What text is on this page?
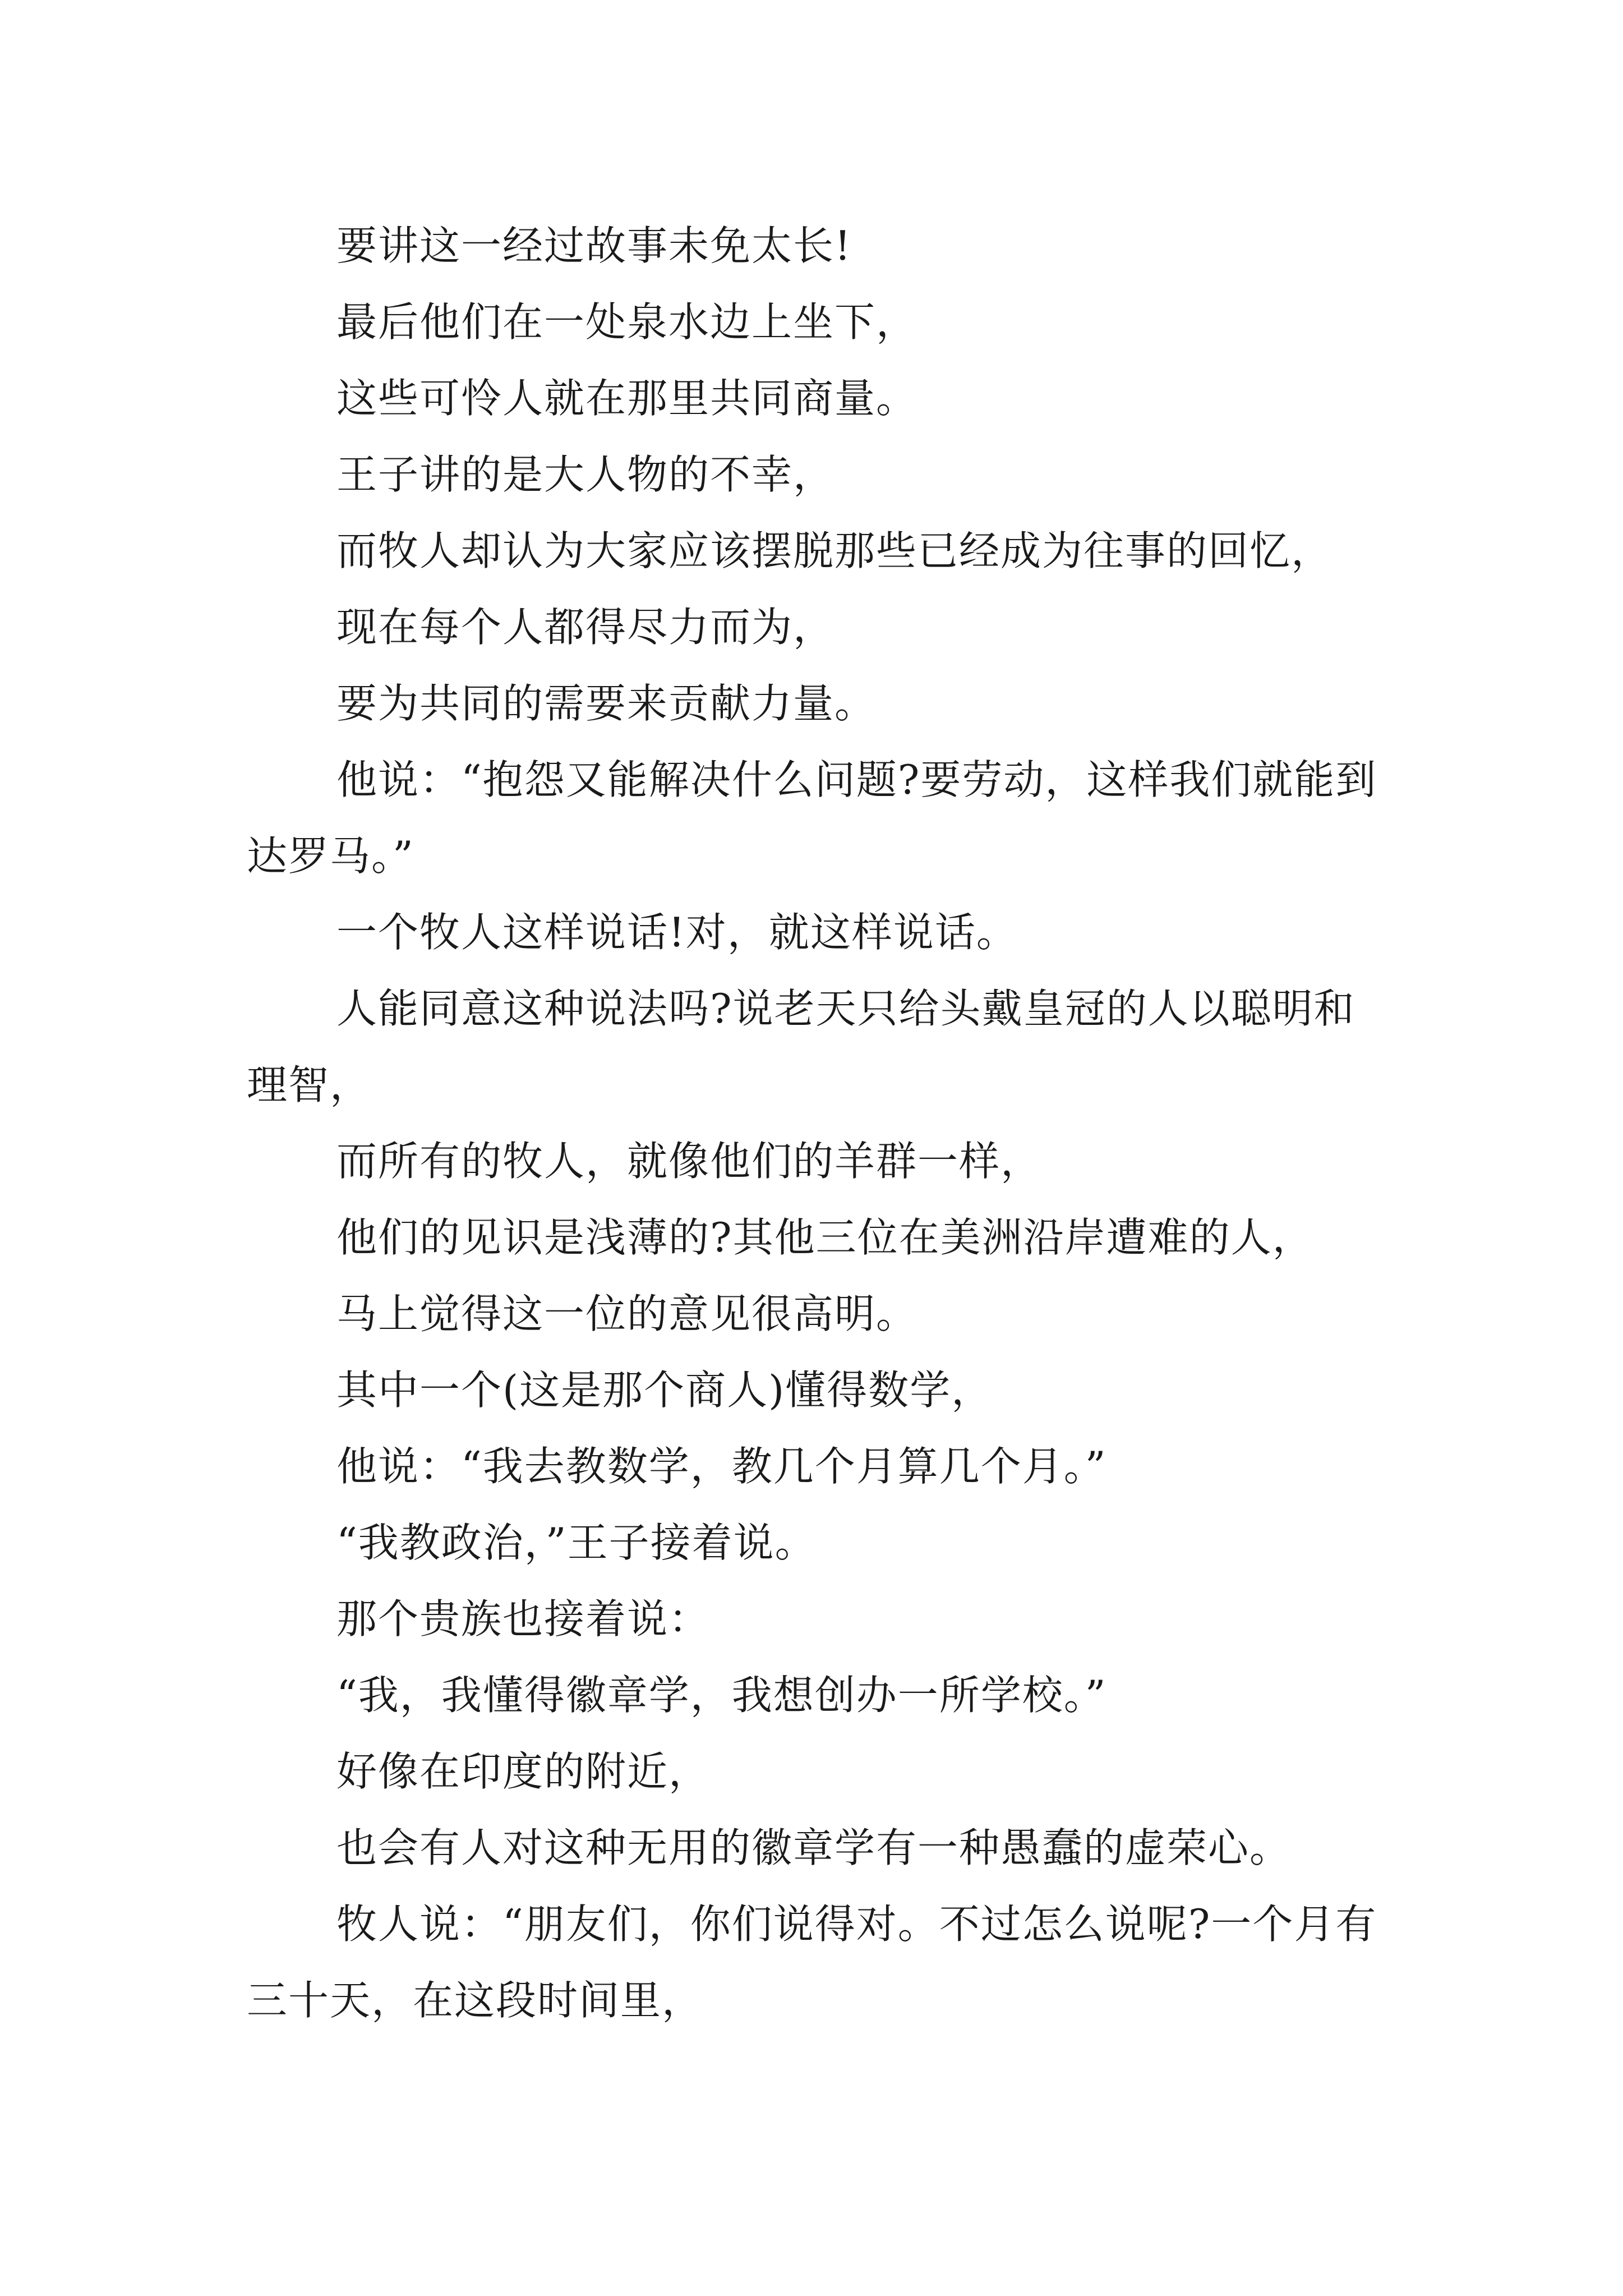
要讲这一经过故事未免太长!

最后他们在一处泉水边上坐下，

这些可怜人就在那里共同商量。

王子讲的是大人物的不幸，

而牧人却认为大家应该摆脱那些已经成为往事的回忆，

现在每个人都得尽力而为，

要为共同的需要来贡献力量。

他说：“抱怨又能解决什么问题?要劳动，这样我们就能到达罗马。”

一个牧人这样说话!对，就这样说话。

人能同意这种说法吗?说老天只给头戴皇冠的人以聪明和理智，

而所有的牧人，就像他们的羊群一样，

他们的见识是浅薄的?其他三位在美洲沿岸遭难的人，

马上觉得这一位的意见很高明。

其中一个(这是那个商人)懂得数学，

他说：“我去教数学，教几个月算几个月。”

“我教政治，”王子接着说。

那个贵族也接着说：

“我，我懂得徽章学，我想创办一所学校。”

好像在印度的附近，

也会有人对这种无用的徽章学有一种愚蠢的虚荣心。

牧人说：“朋友们，你们说得对。不过怎么说呢?一个月有三十天，在这段时间里，
